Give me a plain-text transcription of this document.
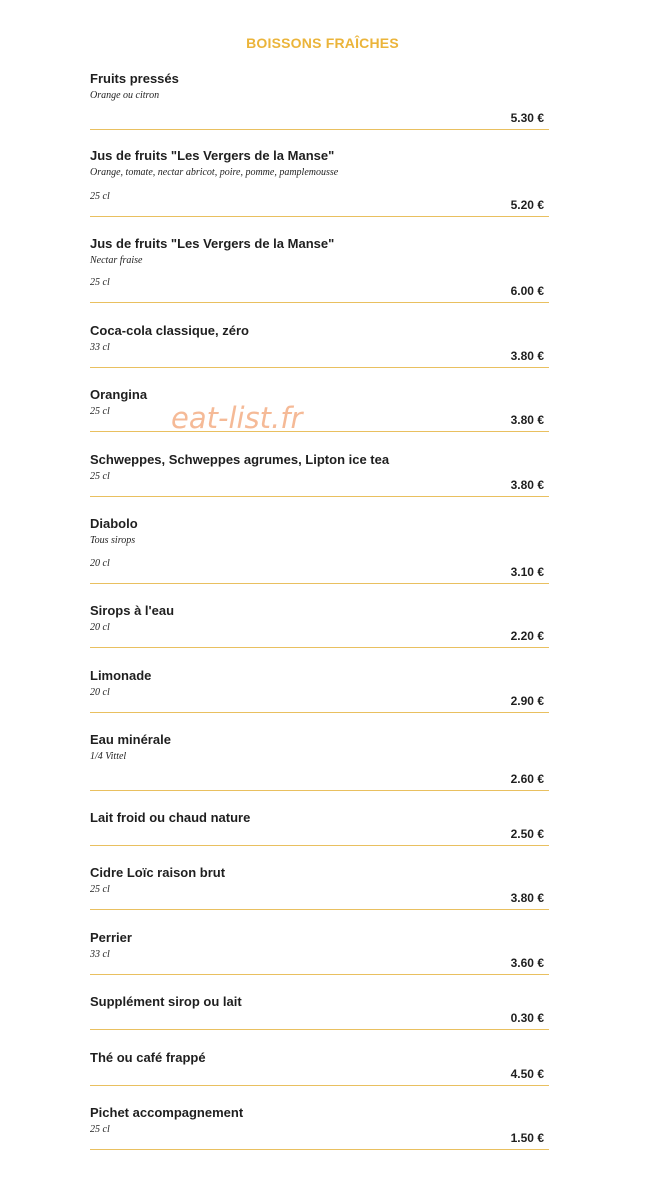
BOISSONS FRAÎCHES
Fruits pressés
Orange ou citron
5.30 €
Jus de fruits "Les Vergers de la Manse"
Orange, tomate, nectar abricot, poire, pomme, pamplemousse
25 cl
5.20 €
Jus de fruits "Les Vergers de la Manse"
Nectar fraise
25 cl
6.00 €
Coca-cola classique, zéro
33 cl
3.80 €
Orangina
25 cl
3.80 €
Schweppes, Schweppes agrumes, Lipton ice tea
25 cl
3.80 €
Diabolo
Tous sirops
20 cl
3.10 €
Sirops à l'eau
20 cl
2.20 €
Limonade
20 cl
2.90 €
Eau minérale
1/4 Vittel
2.60 €
Lait froid ou chaud nature
2.50 €
Cidre Loïc raison brut
25 cl
3.80 €
Perrier
33 cl
3.60 €
Supplément sirop ou lait
0.30 €
Thé ou café frappé
4.50 €
Pichet accompagnement
25 cl
1.50 €
eat-list.fr
